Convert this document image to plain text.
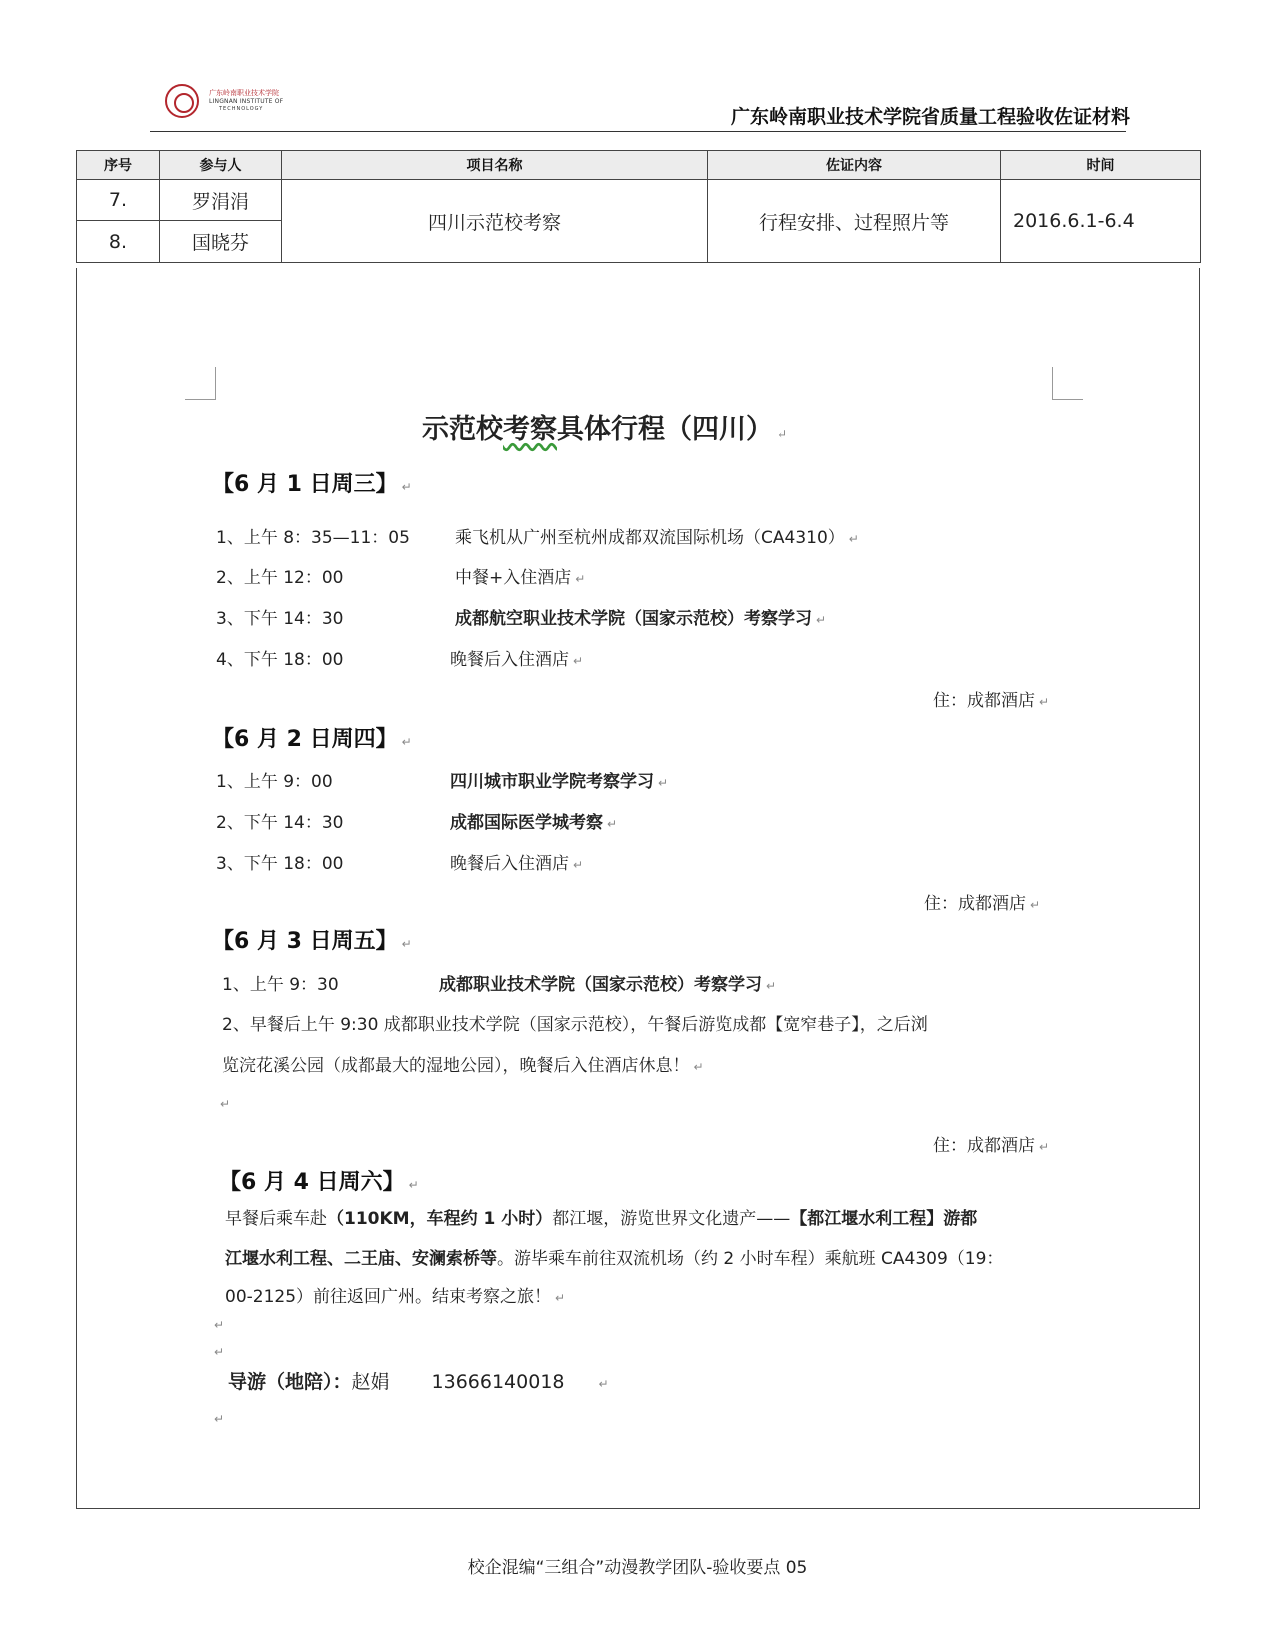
广东岭南职业技术学院
LINGNAN INSTITUTE OF
TECHNOLOGY	广东岭南职业技术学院省质量工程验收佐证材料
序号	参与人	项目名称	佐证内容	时间
7.	罗涓涓	四川示范校考察	行程安排、过程照片等	2016.6.1-6.4
8.	国晓芬			
示范校考察具体行程（四川） ↵
【6 月 1 日周三】 ↵
1、上午 8：35—11：05	乘飞机从广州至杭州成都双流国际机场（CA4310） ↵
2、上午 12：00	中餐+入住酒店 ↵
3、下午 14：30	成都航空职业技术学院（国家示范校）考察学习 ↵
4、下午 18：00	晚餐后入住酒店 ↵
住：成都酒店 ↵
【6 月 2 日周四】 ↵
1、上午 9：00	四川城市职业学院考察学习 ↵
2、下午 14：30	成都国际医学城考察 ↵
3、下午 18：00	晚餐后入住酒店 ↵
住：成都酒店 ↵
【6 月 3 日周五】 ↵
1、上午 9：30	成都职业技术学院（国家示范校）考察学习 ↵
2、早餐后上午 9:30 成都职业技术学院（国家示范校），午餐后游览成都【宽窄巷子】，之后浏
览浣花溪公园（成都最大的湿地公园），晚餐后入住酒店休息！ ↵
↵
住：成都酒店 ↵
【6 月 4 日周六】 ↵
早餐后乘车赴（110KM，车程约 1 小时）都江堰，游览世界文化遗产——【都江堰水利工程】游都
江堰水利工程、二王庙、安澜索桥等。游毕乘车前往双流机场（约 2 小时车程）乘航班 CA4309（19：
00-2125）前往返回广州。结束考察之旅！ ↵
↵
↵
导游（地陪）：赵娟 13666140018	↵
↵
校企混编“三组合”动漫教学团队-验收要点 05
